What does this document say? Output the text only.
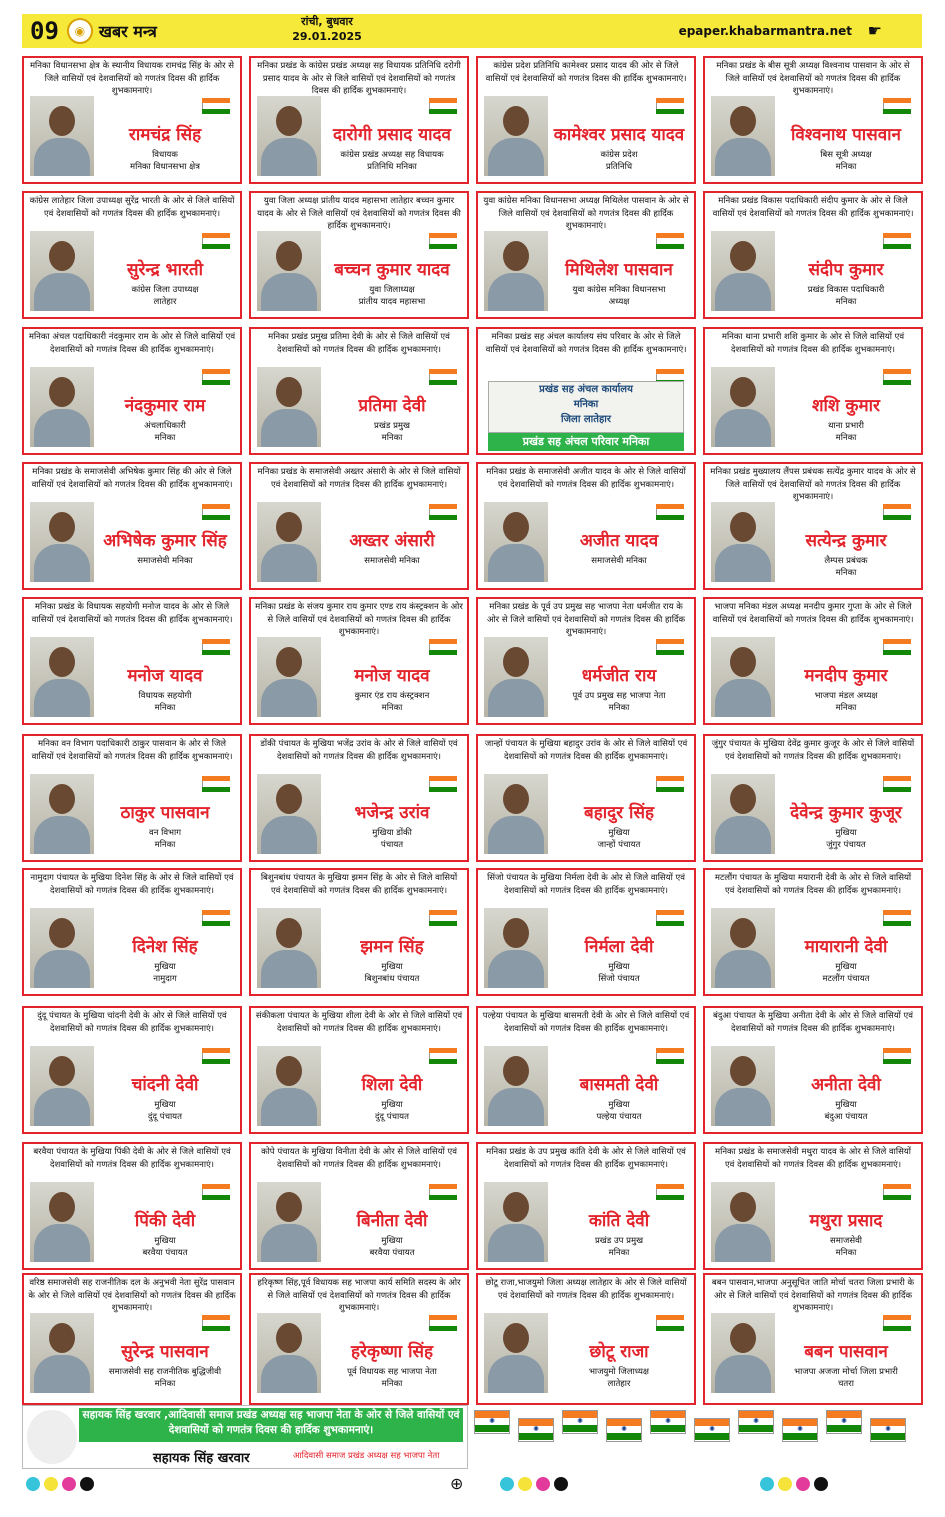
09	◉ खबर मन्त्र
रांची, बुधवार
29.01.2025	epaper.khabarmantra.net ☛
मनिका विधानसभा क्षेत्र के स्थानीय विधायक रामचंद्र सिंह के ओर से जिले वासियों एवं देशवासियों को गणतंत्र दिवस की हार्दिक शुभकामनाएं।
रामचंद्र सिंह
विधायक
मनिका विधानसभा क्षेत्र
मनिका प्रखंड के कांग्रेस प्रखंड अध्यक्ष सह विधायक प्रतिनिधि दरोगी प्रसाद यादव के ओर से जिले वासियों एवं देशवासियों को गणतंत्र दिवस की हार्दिक शुभकामनाएं।
दारोगी प्रसाद यादव
कांग्रेस प्रखंड अध्यक्ष सह विधायक
प्रतिनिधि मनिका
कांग्रेस प्रदेश प्रतिनिधि कामेश्वर प्रसाद यादव की ओर से जिले वासियों एवं देशवासियों को गणतंत्र दिवस की हार्दिक शुभकामनाएं।
कामेश्वर प्रसाद यादव
कांग्रेस प्रदेश
प्रतिनिधि
मनिका प्रखंड के बीस सूत्री अध्यक्ष विश्वनाथ पासवान के ओर से जिले वासियों एवं देशवासियों को गणतंत्र दिवस की हार्दिक शुभकामनाएं।
विश्वनाथ पासवान
बिस सूत्री अध्यक्ष
मनिका
कांग्रेस लातेहार जिला उपाध्यक्ष सुरेंद्र भारती के ओर से जिले वासियों एवं देशवासियों को गणतंत्र दिवस की हार्दिक शुभकामनाएं।
सुरेन्द्र भारती
कांग्रेस जिला उपाध्यक्ष
लातेहार
युवा जिला अध्यक्ष प्रांतीय यादव महासभा लातेहार बच्चन कुमार यादव के ओर से जिले वासियों एवं देशवासियों को गणतंत्र दिवस की हार्दिक शुभकामनाएं।
बच्चन कुमार यादव
युवा जिलाध्यक्ष
प्रांतीय यादव महासभा
युवा कांग्रेस मनिका विधानसभा अध्यक्ष मिथिलेश पासवान के ओर से जिले वासियों एवं देशवासियों को गणतंत्र दिवस की हार्दिक शुभकामनाएं।
मिथिलेश पासवान
युवा कांग्रेस मनिका विधानसभा
अध्यक्ष
मनिका प्रखंड विकास पदाधिकारी संदीप कुमार के ओर से जिले वासियों एवं देशवासियों को गणतंत्र दिवस की हार्दिक शुभकामनाएं।
संदीप कुमार
प्रखंड विकास पदाधिकारी
मनिका
मनिका अंचल पदाधिकारी नंदकुमार राम के ओर से जिले वासियों एवं देशवासियों को गणतंत्र दिवस की हार्दिक शुभकामनाएं।
नंदकुमार राम
अंचलाधिकारी
मनिका
मनिका प्रखंड प्रमुख प्रतिमा देवी के ओर से जिले वासियों एवं देशवासियों को गणतंत्र दिवस की हार्दिक शुभकामनाएं।
प्रतिमा देवी
प्रखंड प्रमुख
मनिका
मनिका प्रखंड सह अंचल कार्यालय संघ परिवार के ओर से जिले वासियों एवं देशवासियों को गणतंत्र दिवस की हार्दिक शुभकामनाएं।
प्रखंड सह अंचल कार्यालय
मनिका
जिला लातेहार
प्रखंड सह अंचल परिवार मनिका
मनिका थाना प्रभारी शशि कुमार के ओर से जिले वासियों एवं देशवासियों को गणतंत्र दिवस की हार्दिक शुभकामनाएं।
शशि कुमार
थाना प्रभारी
मनिका
मनिका प्रखंड के समाजसेवी अभिषेक कुमार सिंह की ओर से जिले वासियों एवं देशवासियों को गणतंत्र दिवस की हार्दिक शुभकामनाएं।
अभिषेक कुमार सिंह
समाजसेवी मनिका
मनिका प्रखंड के समाजसेवी अख्तर अंसारी के ओर से जिले वासियों एवं देशवासियों को गणतंत्र दिवस की हार्दिक शुभकामनाएं।
अख्तर अंसारी
समाजसेवी मनिका
मनिका प्रखंड के समाजसेवी अजीत यादव के ओर से जिले वासियों एवं देशवासियों को गणतंत्र दिवस की हार्दिक शुभकामनाएं।
अजीत यादव
समाजसेवी मनिका
मनिका प्रखंड मुख्यालय लैंपस प्रबंधक सत्येंद्र कुमार यादव के ओर से जिले वासियों एवं देशवासियों को गणतंत्र दिवस की हार्दिक शुभकामनाएं।
सत्येन्द्र कुमार
लैम्पस प्रबंधक
मनिका
मनिका प्रखंड के विधायक सहयोगी मनोज यादव के ओर से जिले वासियों एवं देशवासियों को गणतंत्र दिवस की हार्दिक शुभकामनाएं।
मनोज यादव
विधायक सहयोगी
मनिका
मनिका प्रखंड के संजय कुमार राय कुमार एण्ड राय कंस्ट्रक्शन के ओर से जिले वासियों एवं देशवासियों को गणतंत्र दिवस की हार्दिक शुभकामनाएं।
मनोज यादव
कुमार एंड राय कंस्ट्रक्शन
मनिका
मनिका प्रखंड के पूर्व उप प्रमुख सह भाजपा नेता धर्मजीत राय के ओर से जिले वासियों एवं देशवासियों को गणतंत्र दिवस की हार्दिक शुभकामनाएं।
धर्मजीत राय
पूर्व उप प्रमुख सह भाजपा नेता
मनिका
भाजपा मनिका मंडल अध्यक्ष मनदीप कुमार गुप्ता के ओर से जिले वासियों एवं देशवासियों को गणतंत्र दिवस की हार्दिक शुभकामनाएं।
मनदीप कुमार
भाजपा मंडल अध्यक्ष
मनिका
मनिका वन विभाग पदाधिकारी ठाकुर पासवान के ओर से जिले वासियों एवं देशवासियों को गणतंत्र दिवस की हार्दिक शुभकामनाएं।
ठाकुर पासवान
वन विभाग
मनिका
डोंकी पंचायत के मुखिया भजेंद्र उरांव के ओर से जिले वासियों एवं देशवासियों को गणतंत्र दिवस की हार्दिक शुभकामनाएं।
भजेन्द्र उरांव
मुखिया डोंकी
पंचायत
जान्हों पंचायत के मुखिया बहादुर उरांव के ओर से जिले वासियों एवं देशवासियों को गणतंत्र दिवस की हार्दिक शुभकामनाएं।
बहादुर सिंह
मुखिया
जान्हों पंचायत
जुंगुर पंचायत के मुखिया देवेंद्र कुमार कुजूर के ओर से जिले वासियों एवं देशवासियों को गणतंत्र दिवस की हार्दिक शुभकामनाएं।
देवेन्द्र कुमार कुजूर
मुखिया
जुंगुर पंचायत
नामुदाग पंचायत के मुखिया दिनेश सिंह के ओर से जिले वासियों एवं देशवासियों को गणतंत्र दिवस की हार्दिक शुभकामनाएं।
दिनेश सिंह
मुखिया
नामुदाग
बिशुनबांध पंचायत के मुखिया झमन सिंह के ओर से जिले वासियों एवं देशवासियों को गणतंत्र दिवस की हार्दिक शुभकामनाएं।
झमन सिंह
मुखिया
बिशुनबांध पंचायत
सिंजो पंचायत के मुखिया निर्मला देवी के ओर से जिले वासियों एवं देशवासियों को गणतंत्र दिवस की हार्दिक शुभकामनाएं।
निर्मला देवी
मुखिया
सिंजो पंचायत
मटलौंग पंचायत के मुखिया मयारानी देवी के ओर से जिले वासियों एवं देशवासियों को गणतंत्र दिवस की हार्दिक शुभकामनाएं।
मायारानी देवी
मुखिया
मटलौंग पंचायत
दुंदू पंचायत के मुखिया चांदनी देवी के ओर से जिले वासियों एवं देशवासियों को गणतंत्र दिवस की हार्दिक शुभकामनाएं।
चांदनी देवी
मुखिया
दुंदू पंचायत
संकीकला पंचायत के मुखिया शीला देवी के ओर से जिले वासियों एवं देशवासियों को गणतंत्र दिवस की हार्दिक शुभकामनाएं।
शिला देवी
मुखिया
दुंदू पंचायत
पल्हेया पंचायत के मुखिया बासमती देवी के ओर से जिले वासियों एवं देशवासियों को गणतंत्र दिवस की हार्दिक शुभकामनाएं।
बासमती देवी
मुखिया
पल्हेया पंचायत
बंदुआ पंचायत के मुखिया अनीता देवी के ओर से जिले वासियों एवं देशवासियों को गणतंत्र दिवस की हार्दिक शुभकामनाएं।
अनीता देवी
मुखिया
बंदुआ पंचायत
बरवैया पंचायत के मुखिया पिंकी देवी के ओर से जिले वासियों एवं देशवासियों को गणतंत्र दिवस की हार्दिक शुभकामनाएं।
पिंकी देवी
मुखिया
बरवैया पंचायत
कोपे पंचायत के मुखिया विनीता देवी के ओर से जिले वासियों एवं देशवासियों को गणतंत्र दिवस की हार्दिक शुभकामनाएं।
बिनीता देवी
मुखिया
बरवैया पंचायत
मनिका प्रखंड के उप प्रमुख कांति देवी के ओर से जिले वासियों एवं देशवासियों को गणतंत्र दिवस की हार्दिक शुभकामनाएं।
कांति देवी
प्रखंड उप प्रमुख
मनिका
मनिका प्रखंड के समाजसेवी मथुरा यादव के ओर से जिले वासियों एवं देशवासियों को गणतंत्र दिवस की हार्दिक शुभकामनाएं।
मथुरा प्रसाद
समाजसेवी
मनिका
वरिष्ठ समाजसेवी सह राजनीतिक दल के अनुभवी नेता सुरेंद्र पासवान के ओर से जिले वासियों एवं देशवासियों को गणतंत्र दिवस की हार्दिक शुभकामनाएं।
सुरेन्द्र पासवान
समाजसेवी सह राजनीतिक बुद्धिजीवी
मनिका
हरिकृष्ण सिंह,पूर्व विधायक सह भाजपा कार्य समिति सदस्य के ओर से जिले वासियों एवं देशवासियों को गणतंत्र दिवस की हार्दिक शुभकामनाएं।
हरेकृष्णा सिंह
पूर्व विधायक सह भाजपा नेता
मनिका
छोटू राजा,भाजयुमो जिला अध्यक्ष लातेहार के ओर से जिले वासियों एवं देशवासियों को गणतंत्र दिवस की हार्दिक शुभकामनाएं।
छोटू राजा
भाजयुमो जिलाध्यक्ष
लातेहार
बबन पासवान,भाजपा अनुसूचित जाति मोर्चा चतरा जिला प्रभारी के ओर से जिले वासियों एवं देशवासियों को गणतंत्र दिवस की हार्दिक शुभकामनाएं।
बबन पासवान
भाजपा अजजा मोर्चा जिला प्रभारी
चतरा
सहायक सिंह खरवार ,आदिवासी समाज प्रखंड अध्यक्ष सह भाजपा नेता के ओर से जिले वासियों एवं देशवासियों को गणतंत्र दिवस की हार्दिक शुभकामनाएं।
सहायक सिंह खरवार	आदिवासी समाज प्रखंड अध्यक्ष सह भाजपा नेता
✺
✺
✺
✺
✺
✺
✺
✺
✺
✺
⊕
